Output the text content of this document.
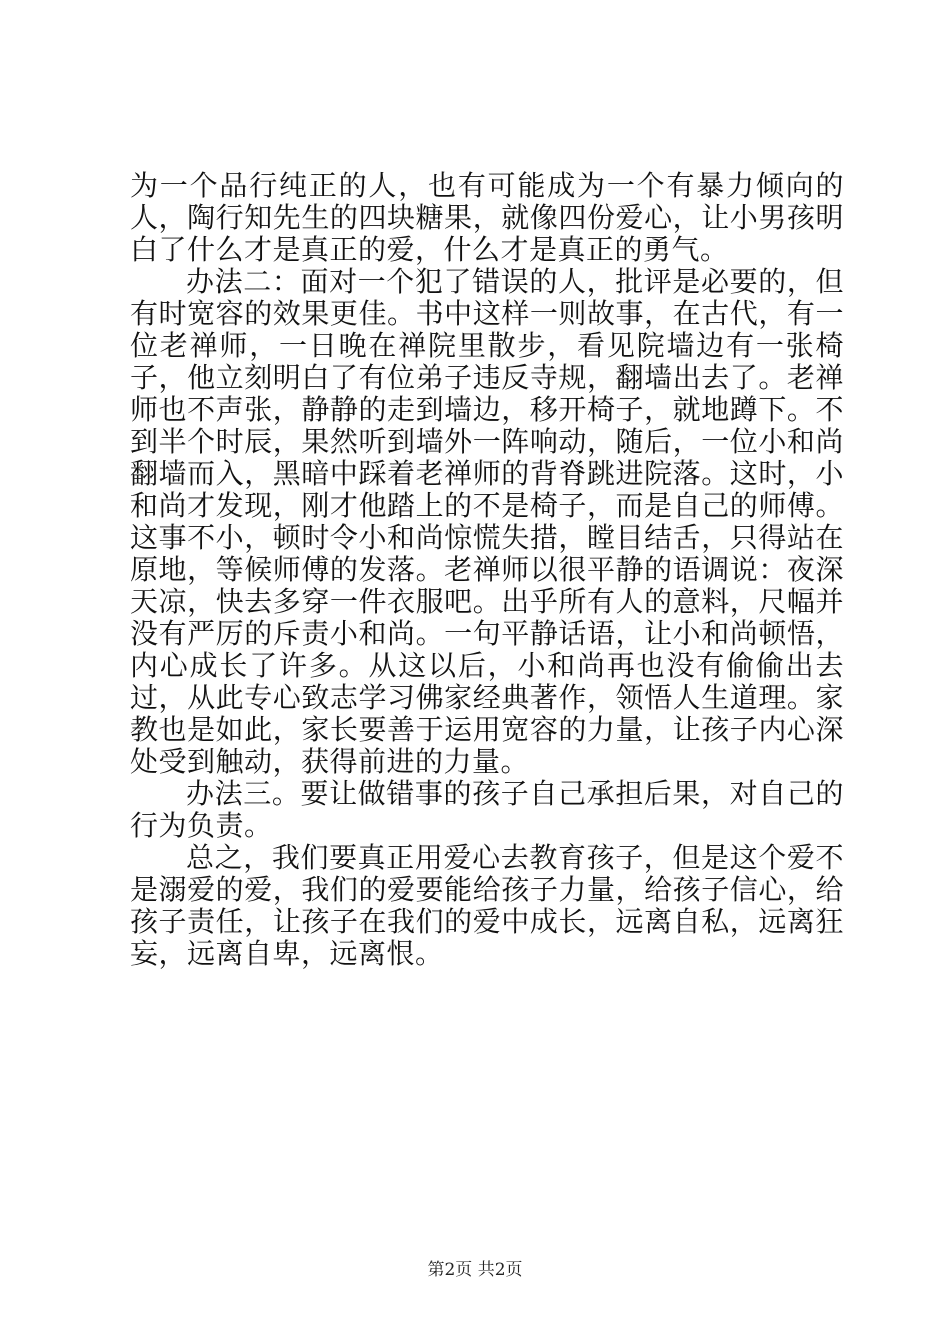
为一个品行纯正的人，也有可能成为一个有暴力倾向的人，陶行知先生的四块糖果，就像四份爱心，让小男孩明白了什么才是真正的爱，什么才是真正的勇气。

办法二：面对一个犯了错误的人，批评是必要的，但有时宽容的效果更佳。书中这样一则故事，在古代，有一位老禅师，一日晚在禅院里散步，看见院墙边有一张椅子，他立刻明白了有位弟子违反寺规，翻墙出去了。老禅师也不声张，静静的走到墙边，移开椅子，就地蹲下。不到半个时辰，果然听到墙外一阵响动，随后，一位小和尚翻墙而入，黑暗中踩着老禅师的背脊跳进院落。这时，小和尚才发现，刚才他踏上的不是椅子，而是自己的师傅。这事不小，顿时令小和尚惊慌失措，瞠目结舌，只得站在原地，等候师傅的发落。老禅师以很平静的语调说：夜深天凉，快去多穿一件衣服吧。出乎所有人的意料，尺幅并没有严厉的斥责小和尚。一句平静话语，让小和尚顿悟，内心成长了许多。从这以后，小和尚再也没有偷偷出去过，从此专心致志学习佛家经典著作，领悟人生道理。家教也是如此，家长要善于运用宽容的力量，让孩子内心深处受到触动，获得前进的力量。

办法三。要让做错事的孩子自己承担后果，对自己的行为负责。

总之，我们要真正用爱心去教育孩子，但是这个爱不是溺爱的爱，我们的爱要能给孩子力量，给孩子信心，给孩子责任，让孩子在我们的爱中成长，远离自私，远离狂妄，远离自卑，远离恨。

第2页 共2页
